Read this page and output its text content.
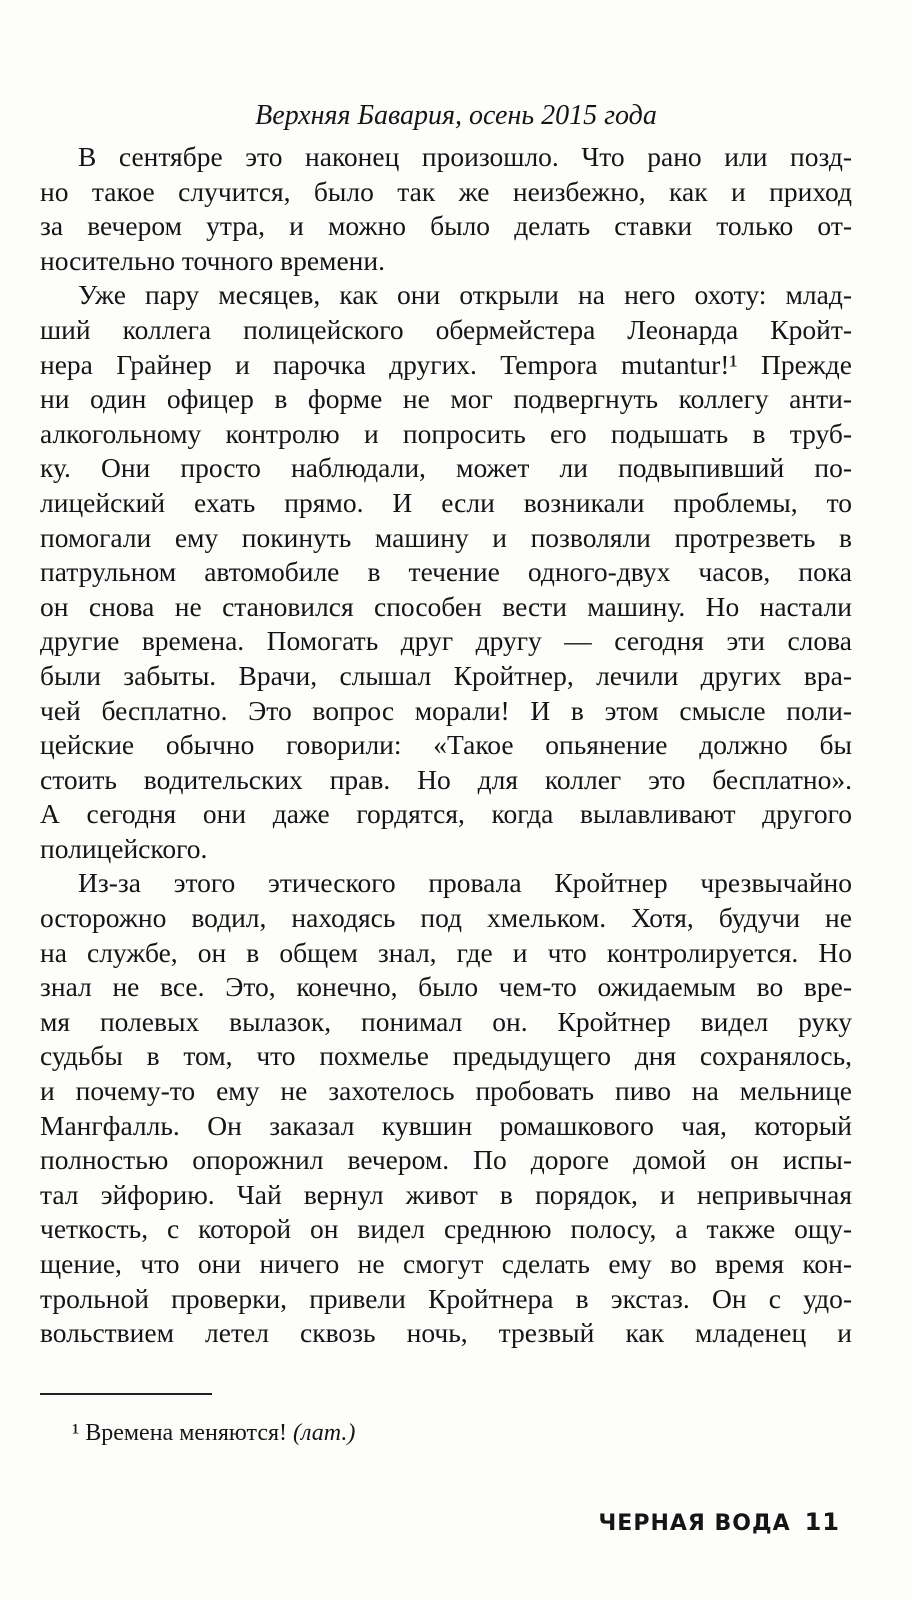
Верхняя Бавария, осень 2015 года
В сентябре это наконец произошло. Что рано или позд-
но такое случится, было так же неизбежно, как и приход
за вечером утра, и можно было делать ставки только от-
носительно точного времени.
Уже пару месяцев, как они открыли на него охоту: млад-
ший коллега полицейского обермейстера Леонарда Кройт-
нера Грайнер и парочка других. Tempora mutantur!¹ Прежде
ни один офицер в форме не мог подвергнуть коллегу анти-
алкогольному контролю и попросить его подышать в труб-
ку. Они просто наблюдали, может ли подвыпивший по-
лицейский ехать прямо. И если возникали проблемы, то
помогали ему покинуть машину и позволяли протрезветь в
патрульном автомобиле в течение одного-двух часов, пока
он снова не становился способен вести машину. Но настали
другие времена. Помогать друг другу — сегодня эти слова
были забыты. Врачи, слышал Кройтнер, лечили других вра-
чей бесплатно. Это вопрос морали! И в этом смысле поли-
цейские обычно говорили: «Такое опьянение должно бы
стоить водительских прав. Но для коллег это бесплатно».
А сегодня они даже гордятся, когда вылавливают другого
полицейского.
Из-за этого этического провала Кройтнер чрезвычайно
осторожно водил, находясь под хмельком. Хотя, будучи не
на службе, он в общем знал, где и что контролируется. Но
знал не все. Это, конечно, было чем-то ожидаемым во вре-
мя полевых вылазок, понимал он. Кройтнер видел руку
судьбы в том, что похмелье предыдущего дня сохранялось,
и почему-то ему не захотелось пробовать пиво на мельнице
Мангфалль. Он заказал кувшин ромашкового чая, который
полностью опорожнил вечером. По дороге домой он испы-
тал эйфорию. Чай вернул живот в порядок, и непривычная
четкость, с которой он видел среднюю полосу, а также ощу-
щение, что они ничего не смогут сделать ему во время кон-
трольной проверки, привели Кройтнера в экстаз. Он с удо-
вольствием летел сквозь ночь, трезвый как младенец и
¹ Времена меняются! (лат.)
ЧЕРНАЯ ВОДА 11
